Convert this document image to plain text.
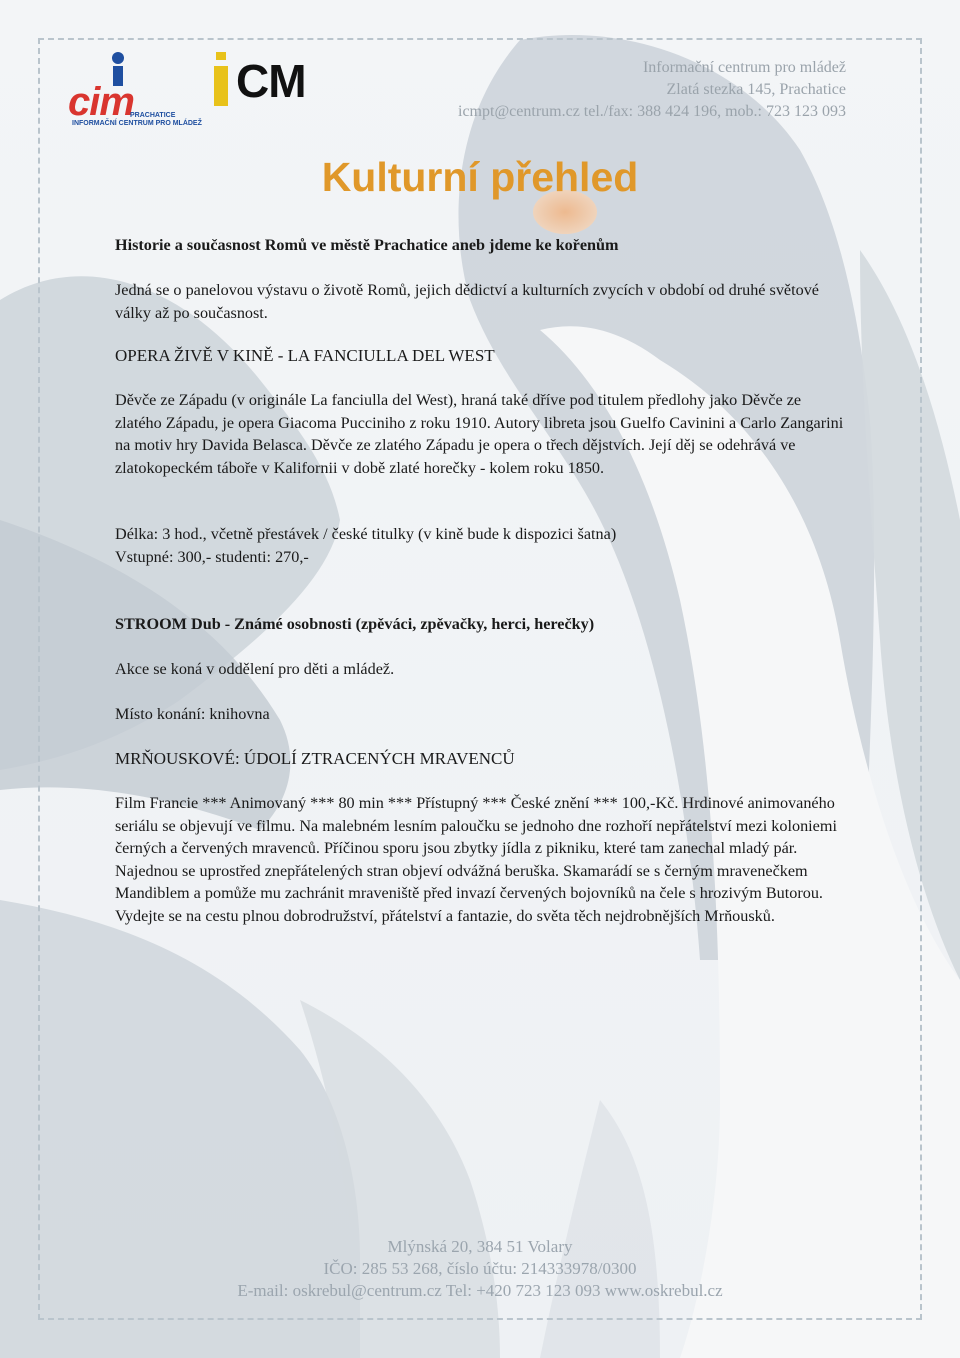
cim
PRACHATICE
INFORMAČNÍ CENTRUM PRO MLÁDEŽ
CM	Informační centrum pro mládež
Zlatá stezka 145, Prachatice
icmpt@centrum.cz tel./fax: 388 424 196, mob.: 723 123 093
Kulturní přehled

Historie a současnost Romů ve městě Prachatice aneb jdeme ke kořenům

Jedná se o panelovou výstavu o životě Romů, jejich dědictví a kulturních zvycích v období od druhé světové války až po současnost.

OPERA ŽIVĚ V KINĚ - LA FANCIULLA DEL WEST

Děvče ze Západu (v originále La fanciulla del West), hraná také dříve pod titulem předlohy jako Děvče ze zlatého Západu, je opera Giacoma Pucciniho z roku 1910. Autory libreta jsou Guelfo Cavinini a Carlo Zangarini na motiv hry Davida Belasca. Děvče ze zlatého Západu je opera o třech dějstvích. Její děj se odehrává ve zlatokopeckém táboře v Kalifornii v době zlaté horečky - kolem roku 1850.

Délka: 3 hod., včetně přestávek / české titulky (v kině bude k dispozici šatna)

Vstupné: 300,- studenti: 270,-

STROOM Dub - Známé osobnosti (zpěváci, zpěvačky, herci, herečky)

Akce se koná v oddělení pro děti a mládež.

Místo konání: knihovna

MRŇOUSKOVÉ: ÚDOLÍ ZTRACENÝCH MRAVENCŮ

Film Francie *** Animovaný *** 80 min *** Přístupný *** České znění *** 100,-Kč. Hrdinové animovaného seriálu se objevují ve filmu. Na malebném lesním paloučku se jednoho dne rozhoří nepřátelství mezi koloniemi černých a červených mravenců. Příčinou sporu jsou zbytky jídla z pikniku, které tam zanechal mladý pár. Najednou se uprostřed znepřátelených stran objeví odvážná beruška. Skamarádí se s černým mravenečkem Mandiblem a pomůže mu zachránit mraveniště před invazí červených bojovníků na čele s hrozivým Butorou. Vydejte se na cestu plnou dobrodružství, přátelství a fantazie, do světa těch nejdrobnějších Mrňousků.

Mlýnská 20, 384 51 Volary
IČO: 285 53 268, číslo účtu: 214333978/0300
E-mail: oskrebul@centrum.cz Tel: +420 723 123 093 www.oskrebul.cz
